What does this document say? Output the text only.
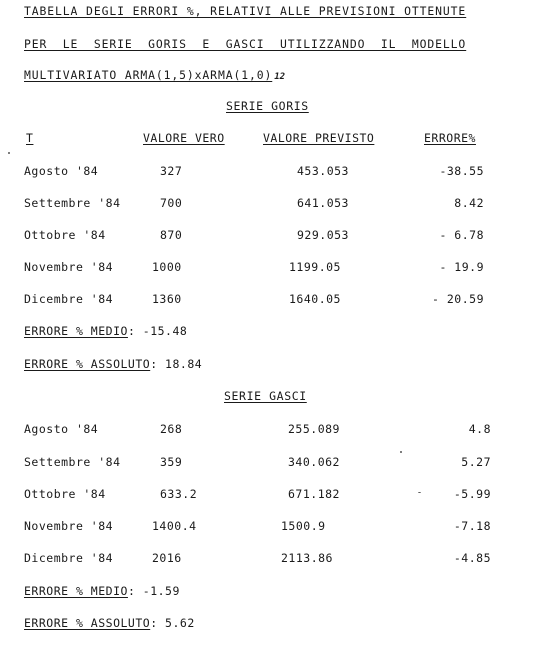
TABELLA DEGLI ERRORI %, RELATIVI ALLE PREVISIONI OTTENUTE
PER  LE  SERIE  GORIS  E  GASCI  UTILIZZANDO  IL  MODELLO
MULTIVARIATO ARMA(1,5)xARMA(1,0) 12
SERIE GORIS
T	VALORE VERO	VALORE PREVISTO	ERRORE%
Agosto '84	327	453.053	-38.55
Settembre '84	700	641.053	8.42
Ottobre '84	870	929.053	- 6.78
Novembre '84	1000	1199.05	- 19.9
Dicembre '84	1360	1640.05	- 20.59
ERRORE % MEDIO: -15.48
ERRORE % ASSOLUTO: 18.84
SERIE GASCI
Agosto '84	268	255.089	4.8
Settembre '84	359	340.062	5.27
Ottobre '84	633.2	671.182	-5.99
Novembre '84	1400.4	1500.9	-7.18
Dicembre '84	2016	2113.86	-4.85
ERRORE % MEDIO: -1.59
ERRORE % ASSOLUTO: 5.62
